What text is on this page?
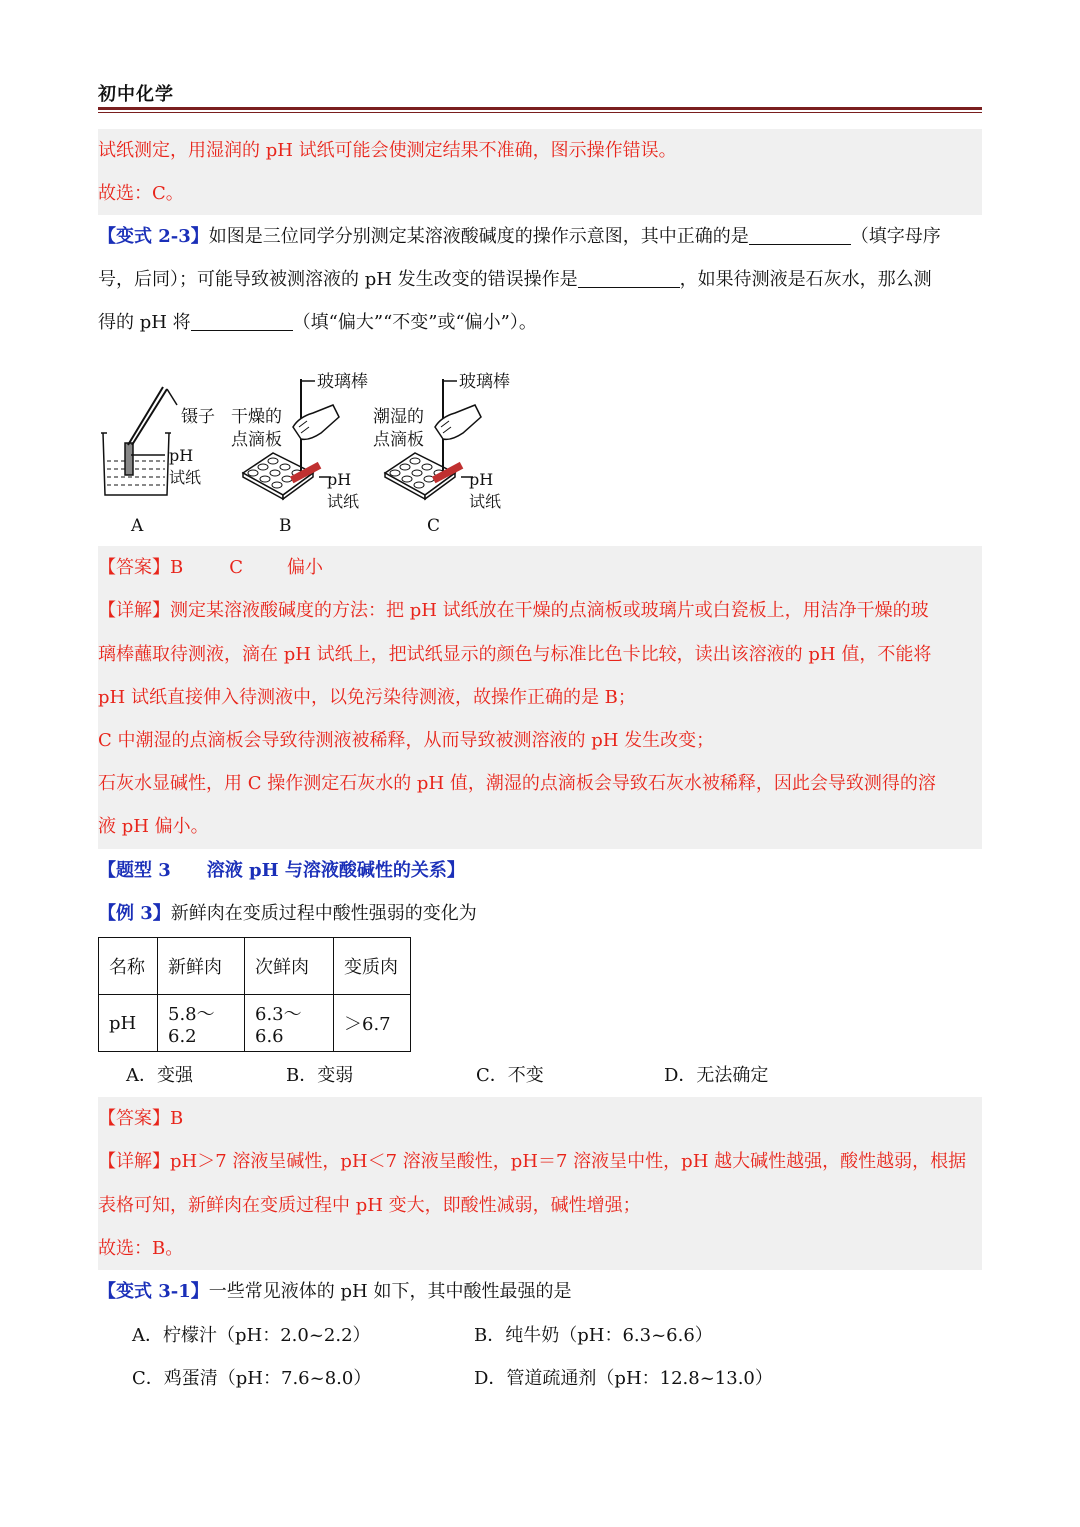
初中化学
试纸测定，用湿润的 pH 试纸可能会使测定结果不准确，图示操作错误。
故选：C。
【变式 2-3】如图是三位同学分别测定某溶液酸碱度的操作示意图，其中正确的是	（填字母序
号，后同）；可能导致被测溶液的 pH 发生改变的错误操作是	，如果待测液是石灰水，那么测
得的 pH 将	（填“偏大”“不变”或“偏小”）。
镊子
pH
试纸
A
玻璃棒
干燥的
点滴板
pH
试纸
B
玻璃棒
潮湿的
点滴板
pH
试纸
C
【答案】B	C 偏小
【详解】测定某溶液酸碱度的方法：把 pH 试纸放在干燥的点滴板或玻璃片或白瓷板上，用洁净干燥的玻
璃棒蘸取待测液，滴在 pH 试纸上，把试纸显示的颜色与标准比色卡比较，读出该溶液的 pH 值，不能将
pH 试纸直接伸入待测液中，以免污染待测液，故操作正确的是 B；
C 中潮湿的点滴板会导致待测液被稀释，从而导致被测溶液的 pH 发生改变；
石灰水显碱性，用 C 操作测定石灰水的 pH 值，潮湿的点滴板会导致石灰水被稀释，因此会导致测得的溶
液 pH 偏小。
【题型 3　　溶液 pH 与溶液酸碱性的关系】
【例 3】新鲜肉在变质过程中酸性强弱的变化为
名称	新鲜肉	次鲜肉	变质肉
pH	5.8～6.2	6.3～6.6	＞6.7
A．变强	B．变弱	C．不变	D．无法确定
【答案】B
【详解】pH＞7 溶液呈碱性，pH＜7 溶液呈酸性，pH＝7 溶液呈中性，pH 越大碱性越强，酸性越弱，根据
表格可知，新鲜肉在变质过程中 pH 变大，即酸性减弱，碱性增强；
故选：B。
【变式 3-1】一些常见液体的 pH 如下，其中酸性最强的是
A．柠檬汁（pH：2.0~2.2）	B．纯牛奶（pH：6.3~6.6）
C．鸡蛋清（pH：7.6~8.0）	D．管道疏通剂（pH：12.8~13.0）
